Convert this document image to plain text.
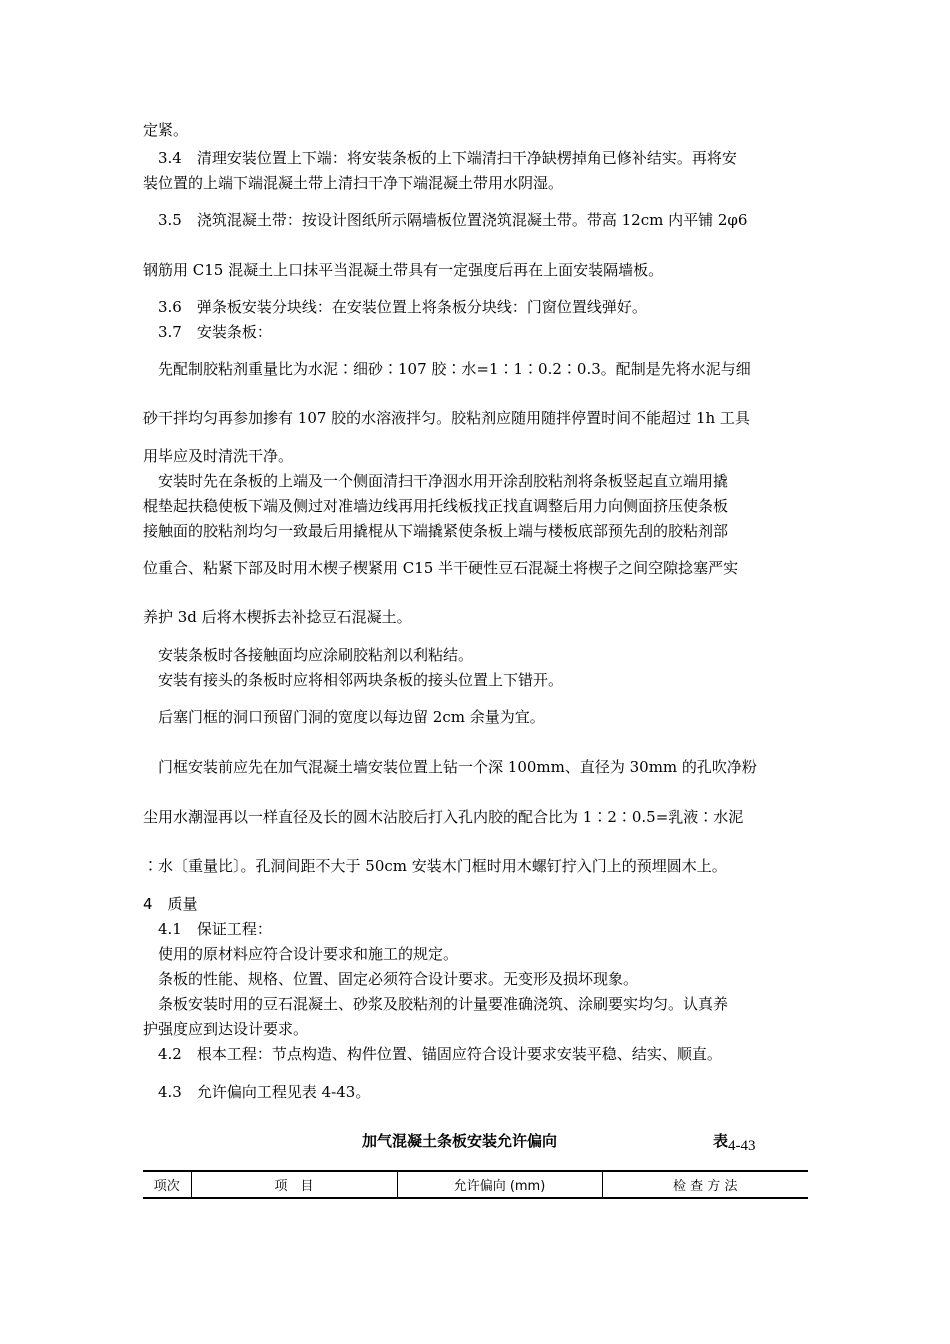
定紧。
　3.4　清理安装位置上下端：将安装条板的上下端清扫干净缺楞掉角已修补结实。再将安
装位置的上端下端混凝土带上清扫干净下端混凝土带用水阴湿。
　3.5　浇筑混凝土带：按设计图纸所示隔墙板位置浇筑混凝土带。带高 12cm 内平铺 2φ6
钢筋用 C15 混凝土上口抹平当混凝土带具有一定强度后再在上面安装隔墙板。
　3.6　弹条板安装分块线：在安装位置上将条板分块线：门窗位置线弹好。
　3.7　安装条板：
　先配制胶粘剂重量比为水泥∶细砂∶107 胶∶水=1∶1∶0.2∶0.3。配制是先将水泥与细
砂干拌均匀再参加掺有 107 胶的水溶液拌匀。胶粘剂应随用随拌停置时间不能超过 1h 工具
用毕应及时清洗干净。
　安装时先在条板的上端及一个侧面清扫干净洇水用开涂刮胶粘剂将条板竖起直立端用撬
棍垫起扶稳使板下端及侧过对准墙边线再用托线板找正找直调整后用力向侧面挤压使条板
接触面的胶粘剂均匀一致最后用撬棍从下端撬紧使条板上端与楼板底部预先刮的胶粘剂部
位重合、粘紧下部及时用木楔子楔紧用 C15 半干硬性豆石混凝土将楔子之间空隙捻塞严实
养护 3d 后将木楔拆去补捻豆石混凝土。
　安装条板时各接触面均应涂刷胶粘剂以利粘结。
　安装有接头的条板时应将相邻两块条板的接头位置上下错开。
　后塞门框的洞口预留门洞的宽度以每边留 2cm 余量为宜。
　门框安装前应先在加气混凝土墙安装位置上钻一个深 100mm、直径为 30mm 的孔吹净粉
尘用水潮湿再以一样直径及长的圆木沾胶后打入孔内胶的配合比为 1∶2∶0.5=乳液∶水泥
∶水〔重量比〕。孔洞间距不大于 50cm 安装木门框时用木螺钉拧入门上的预埋圆木上。
4　质量
　4.1　保证工程：
　使用的原材料应符合设计要求和施工的规定。
　条板的性能、规格、位置、固定必须符合设计要求。无变形及损坏现象。
　条板安装时用的豆石混凝土、砂浆及胶粘剂的计量要准确浇筑、涂刷要实均匀。认真养
护强度应到达设计要求。
　4.2　根本工程：节点构造、构件位置、锚固应符合设计要求安装平稳、结实、顺直。
　4.3　允许偏向工程见表 4-43。
加气混凝土条板安装允许偏向	表4-43
项次	项　目	允许偏向 (mm)	检 查 方 法
